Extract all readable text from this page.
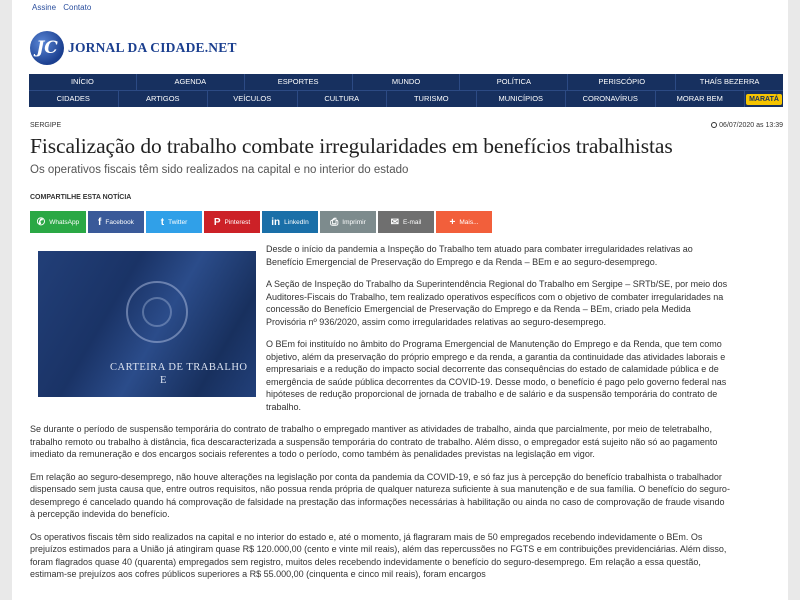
Assine Contato
JC JORNAL DA CIDADE.NET
INÍCIO	AGENDA	ESPORTES	MUNDO	POLÍTICA	PERISCÓPIO	THAÍS BEZERRA
CIDADES	ARTIGOS	VEÍCULOS	CULTURA	TURISMO	MUNICÍPIOS	CORONAVÍRUS	MORAR BEM	MARATÁ
SERGIPE	06/07/2020 as 13:39
Fiscalização do trabalho combate irregularidades em benefícios trabalhistas
Os operativos fiscais têm sido realizados na capital e no interior do estado
COMPARTILHE ESTA NOTÍCIA
✆ WhatsApp f Facebook	t Twitter	P Pinterest in LinkedIn ⎙ Imprimir ✉ E-mail	+ Mais...
CARTEIRA DE TRABALHO
E

Desde o início da pandemia a Inspeção do Trabalho tem atuado para combater irregularidades relativas ao Benefício Emergencial de Preservação do Emprego e da Renda – BEm e ao seguro-desemprego.

A Seção de Inspeção do Trabalho da Superintendência Regional do Trabalho em Sergipe – SRTb/SE, por meio dos Auditores-Fiscais do Trabalho, tem realizado operativos específicos com o objetivo de combater irregularidades na concessão do Benefício Emergencial de Preservação do Emprego e da Renda – BEm, criado pela Medida Provisória nº 936/2020, assim como irregularidades relativas ao seguro-desemprego.

O BEm foi instituído no âmbito do Programa Emergencial de Manutenção do Emprego e da Renda, que tem como objetivo, além da preservação do próprio emprego e da renda, a garantia da continuidade das atividades laborais e empresariais e a redução do impacto social decorrente das consequências do estado de calamidade pública e de emergência de saúde pública decorrentes da COVID-19. Desse modo, o benefício é pago pelo governo federal nas hipóteses de redução proporcional de jornada de trabalho e de salário e da suspensão temporária do contrato de trabalho.

Se durante o período de suspensão temporária do contrato de trabalho o empregado mantiver as atividades de trabalho, ainda que parcialmente, por meio de teletrabalho, trabalho remoto ou trabalho à distância, fica descaracterizada a suspensão temporária do contrato de trabalho. Além disso, o empregador está sujeito não só ao pagamento imediato da remuneração e dos encargos sociais referentes a todo o período, como também às penalidades previstas na legislação em vigor.

Em relação ao seguro-desemprego, não houve alterações na legislação por conta da pandemia da COVID-19, e só faz jus à percepção do benefício trabalhista o trabalhador dispensado sem justa causa que, entre outros requisitos, não possua renda própria de qualquer natureza suficiente à sua manutenção e de sua família. O benefício do seguro-desemprego é cancelado quando há comprovação de falsidade na prestação das informações necessárias à habilitação ou ainda no caso de comprovação de fraude visando à percepção indevida do benefício.

Os operativos fiscais têm sido realizados na capital e no interior do estado e, até o momento, já flagraram mais de 50 empregados recebendo indevidamente o BEm. Os prejuízos estimados para a União já atingiram quase R$ 120.000,00 (cento e vinte mil reais), além das repercussões no FGTS e em contribuições previdenciárias. Além disso, foram flagrados quase 40 (quarenta) empregados sem registro, muitos deles recebendo indevidamente o benefício do seguro-desemprego. Em relação a essa questão, estimam-se prejuízos aos cofres públicos superiores a R$ 55.000,00 (cinquenta e cinco mil reais), foram encargos
